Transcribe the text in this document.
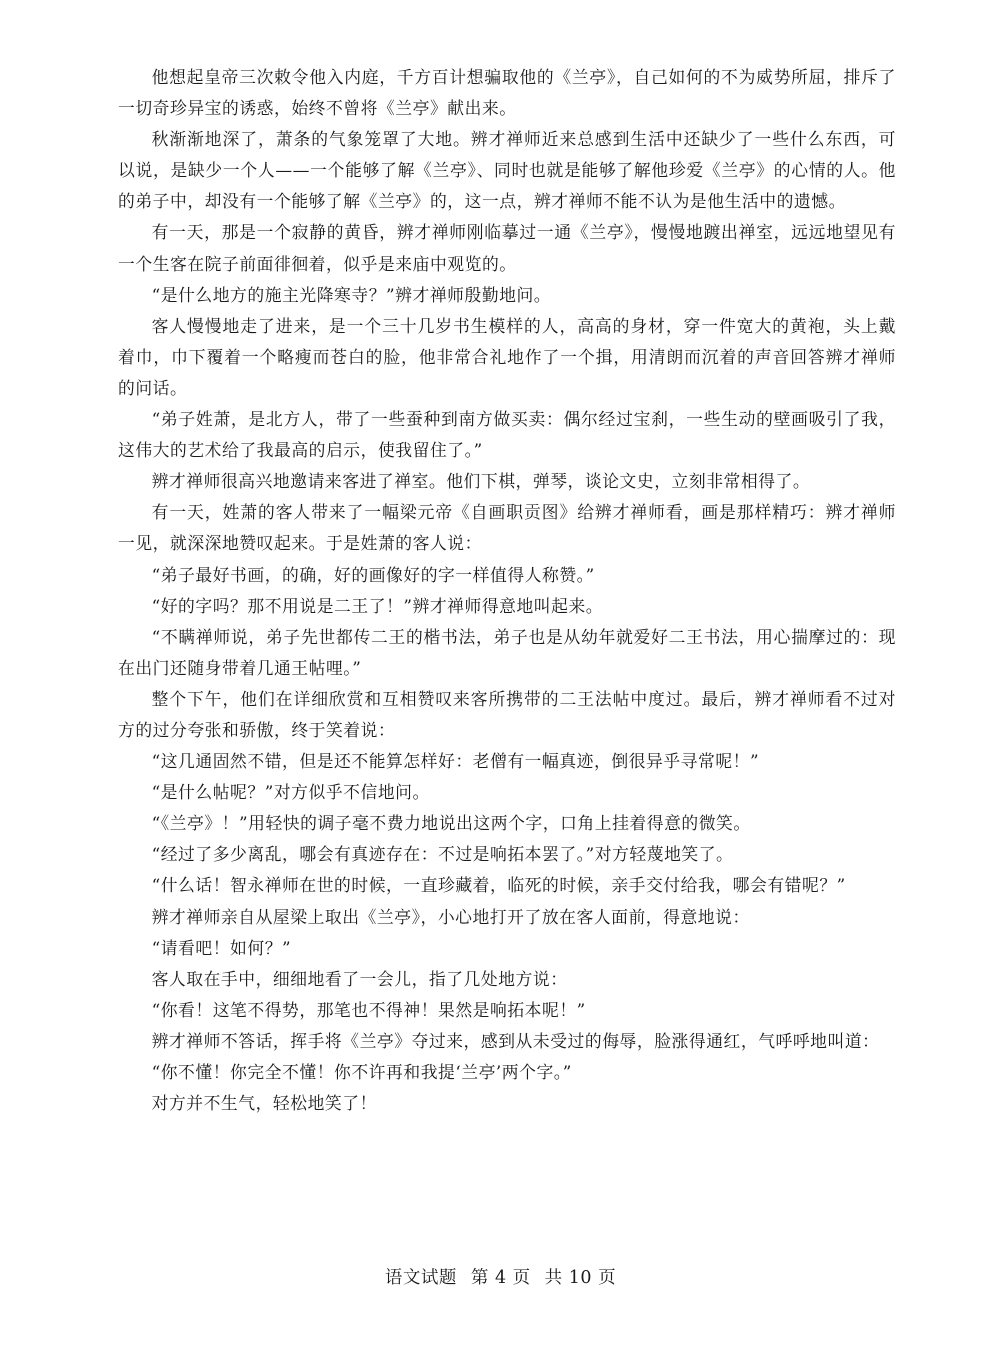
他想起皇帝三次敕令他入内庭，千方百计想骗取他的《兰亭》，自己如何的不为威势所屈，排斥了一切奇珍异宝的诱惑，始终不曾将《兰亭》献出来。

秋渐渐地深了，萧条的气象笼罩了大地。辨才禅师近来总感到生活中还缺少了一些什么东西，可以说，是缺少一个人——一个能够了解《兰亭》、同时也就是能够了解他珍爱《兰亭》的心情的人。他的弟子中，却没有一个能够了解《兰亭》的，这一点，辨才禅师不能不认为是他生活中的遗憾。

有一天，那是一个寂静的黄昏，辨才禅师刚临摹过一通《兰亭》，慢慢地踱出禅室，远远地望见有一个生客在院子前面徘徊着，似乎是来庙中观览的。

“是什么地方的施主光降寒寺？”辨才禅师殷勤地问。

客人慢慢地走了进来，是一个三十几岁书生模样的人，高高的身材，穿一件宽大的黄袍，头上戴着巾，巾下覆着一个略瘦而苍白的脸，他非常合礼地作了一个揖，用清朗而沉着的声音回答辨才禅师的问话。

“弟子姓萧，是北方人，带了一些蚕种到南方做买卖：偶尔经过宝刹，一些生动的壁画吸引了我，这伟大的艺术给了我最高的启示，使我留住了。”

辨才禅师很高兴地邀请来客进了禅室。他们下棋，弹琴，谈论文史，立刻非常相得了。

有一天，姓萧的客人带来了一幅梁元帝《自画职贡图》给辨才禅师看，画是那样精巧：辨才禅师一见，就深深地赞叹起来。于是姓萧的客人说：

“弟子最好书画，的确，好的画像好的字一样值得人称赞。”

“好的字吗？那不用说是二王了！”辨才禅师得意地叫起来。

“不瞒禅师说，弟子先世都传二王的楷书法，弟子也是从幼年就爱好二王书法，用心揣摩过的：现在出门还随身带着几通王帖哩。”

整个下午，他们在详细欣赏和互相赞叹来客所携带的二王法帖中度过。最后，辨才禅师看不过对方的过分夸张和骄傲，终于笑着说：

“这几通固然不错，但是还不能算怎样好：老僧有一幅真迹，倒很异乎寻常呢！”

“是什么帖呢？”对方似乎不信地问。

“《兰亭》！”用轻快的调子毫不费力地说出这两个字，口角上挂着得意的微笑。

“经过了多少离乱，哪会有真迹存在：不过是响拓本罢了。”对方轻蔑地笑了。

“什么话！智永禅师在世的时候，一直珍藏着，临死的时候，亲手交付给我，哪会有错呢？”

辨才禅师亲自从屋梁上取出《兰亭》，小心地打开了放在客人面前，得意地说：

“请看吧！如何？”

客人取在手中，细细地看了一会儿，指了几处地方说：

“你看！这笔不得势，那笔也不得神！果然是响拓本呢！”

辨才禅师不答话，挥手将《兰亭》夺过来，感到从未受过的侮辱，脸涨得通红，气呼呼地叫道：

“你不懂！你完全不懂！你不许再和我提‘兰亭’两个字。”

对方并不生气，轻松地笑了！

语文试题 第 4 页 共 10 页
